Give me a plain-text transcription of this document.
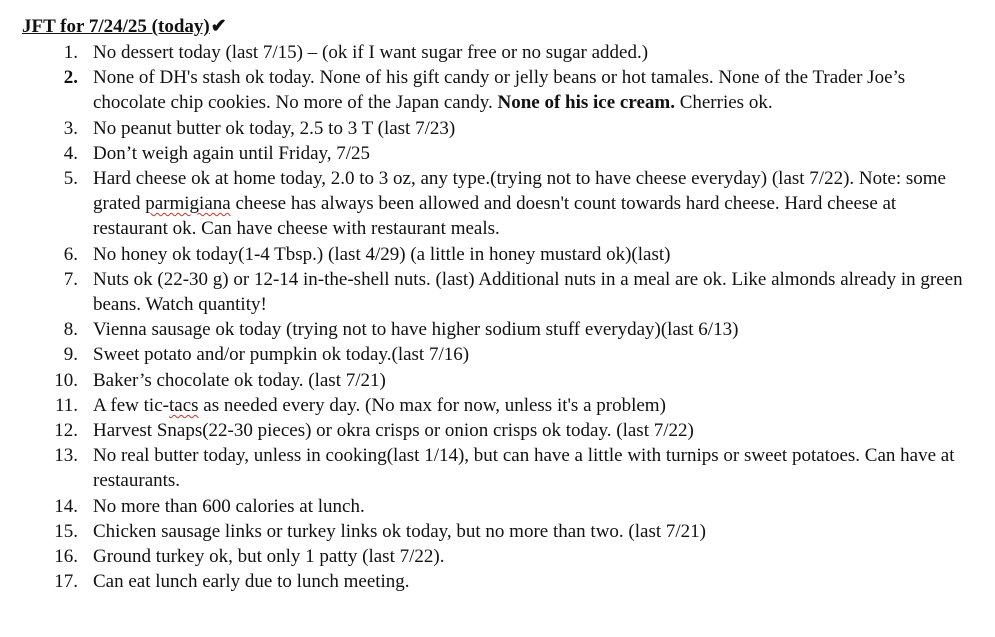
JFT for 7/24/25 (today)✔
1. No dessert today (last 7/15) – (ok if I want sugar free or no sugar added.)
2. None of DH's stash ok today. None of his gift candy or jelly beans or hot tamales. None of the Trader Joe’s chocolate chip cookies. No more of the Japan candy. None of his ice cream. Cherries ok.
3. No peanut butter ok today, 2.5 to 3 T (last 7/23)
4. Don’t weigh again until Friday, 7/25
5. Hard cheese ok at home today, 2.0 to 3 oz, any type.(trying not to have cheese everyday) (last 7/22). Note: some grated parmigiana cheese has always been allowed and doesn't count towards hard cheese. Hard cheese at restaurant ok. Can have cheese with restaurant meals.
6. No honey ok today(1-4 Tbsp.) (last 4/29) (a little in honey mustard ok)(last)
7. Nuts ok (22-30 g) or 12-14 in-the-shell nuts. (last) Additional nuts in a meal are ok. Like almonds already in green beans. Watch quantity!
8. Vienna sausage ok today (trying not to have higher sodium stuff everyday)(last 6/13)
9. Sweet potato and/or pumpkin ok today.(last 7/16)
10. Baker’s chocolate ok today. (last 7/21)
11. A few tic-tacs as needed every day. (No max for now, unless it's a problem)
12. Harvest Snaps(22-30 pieces) or okra crisps or onion crisps ok today. (last 7/22)
13. No real butter today, unless in cooking(last 1/14), but can have a little with turnips or sweet potatoes. Can have at restaurants.
14. No more than 600 calories at lunch.
15. Chicken sausage links or turkey links ok today, but no more than two. (last 7/21)
16. Ground turkey ok, but only 1 patty (last 7/22).
17. Can eat lunch early due to lunch meeting.
